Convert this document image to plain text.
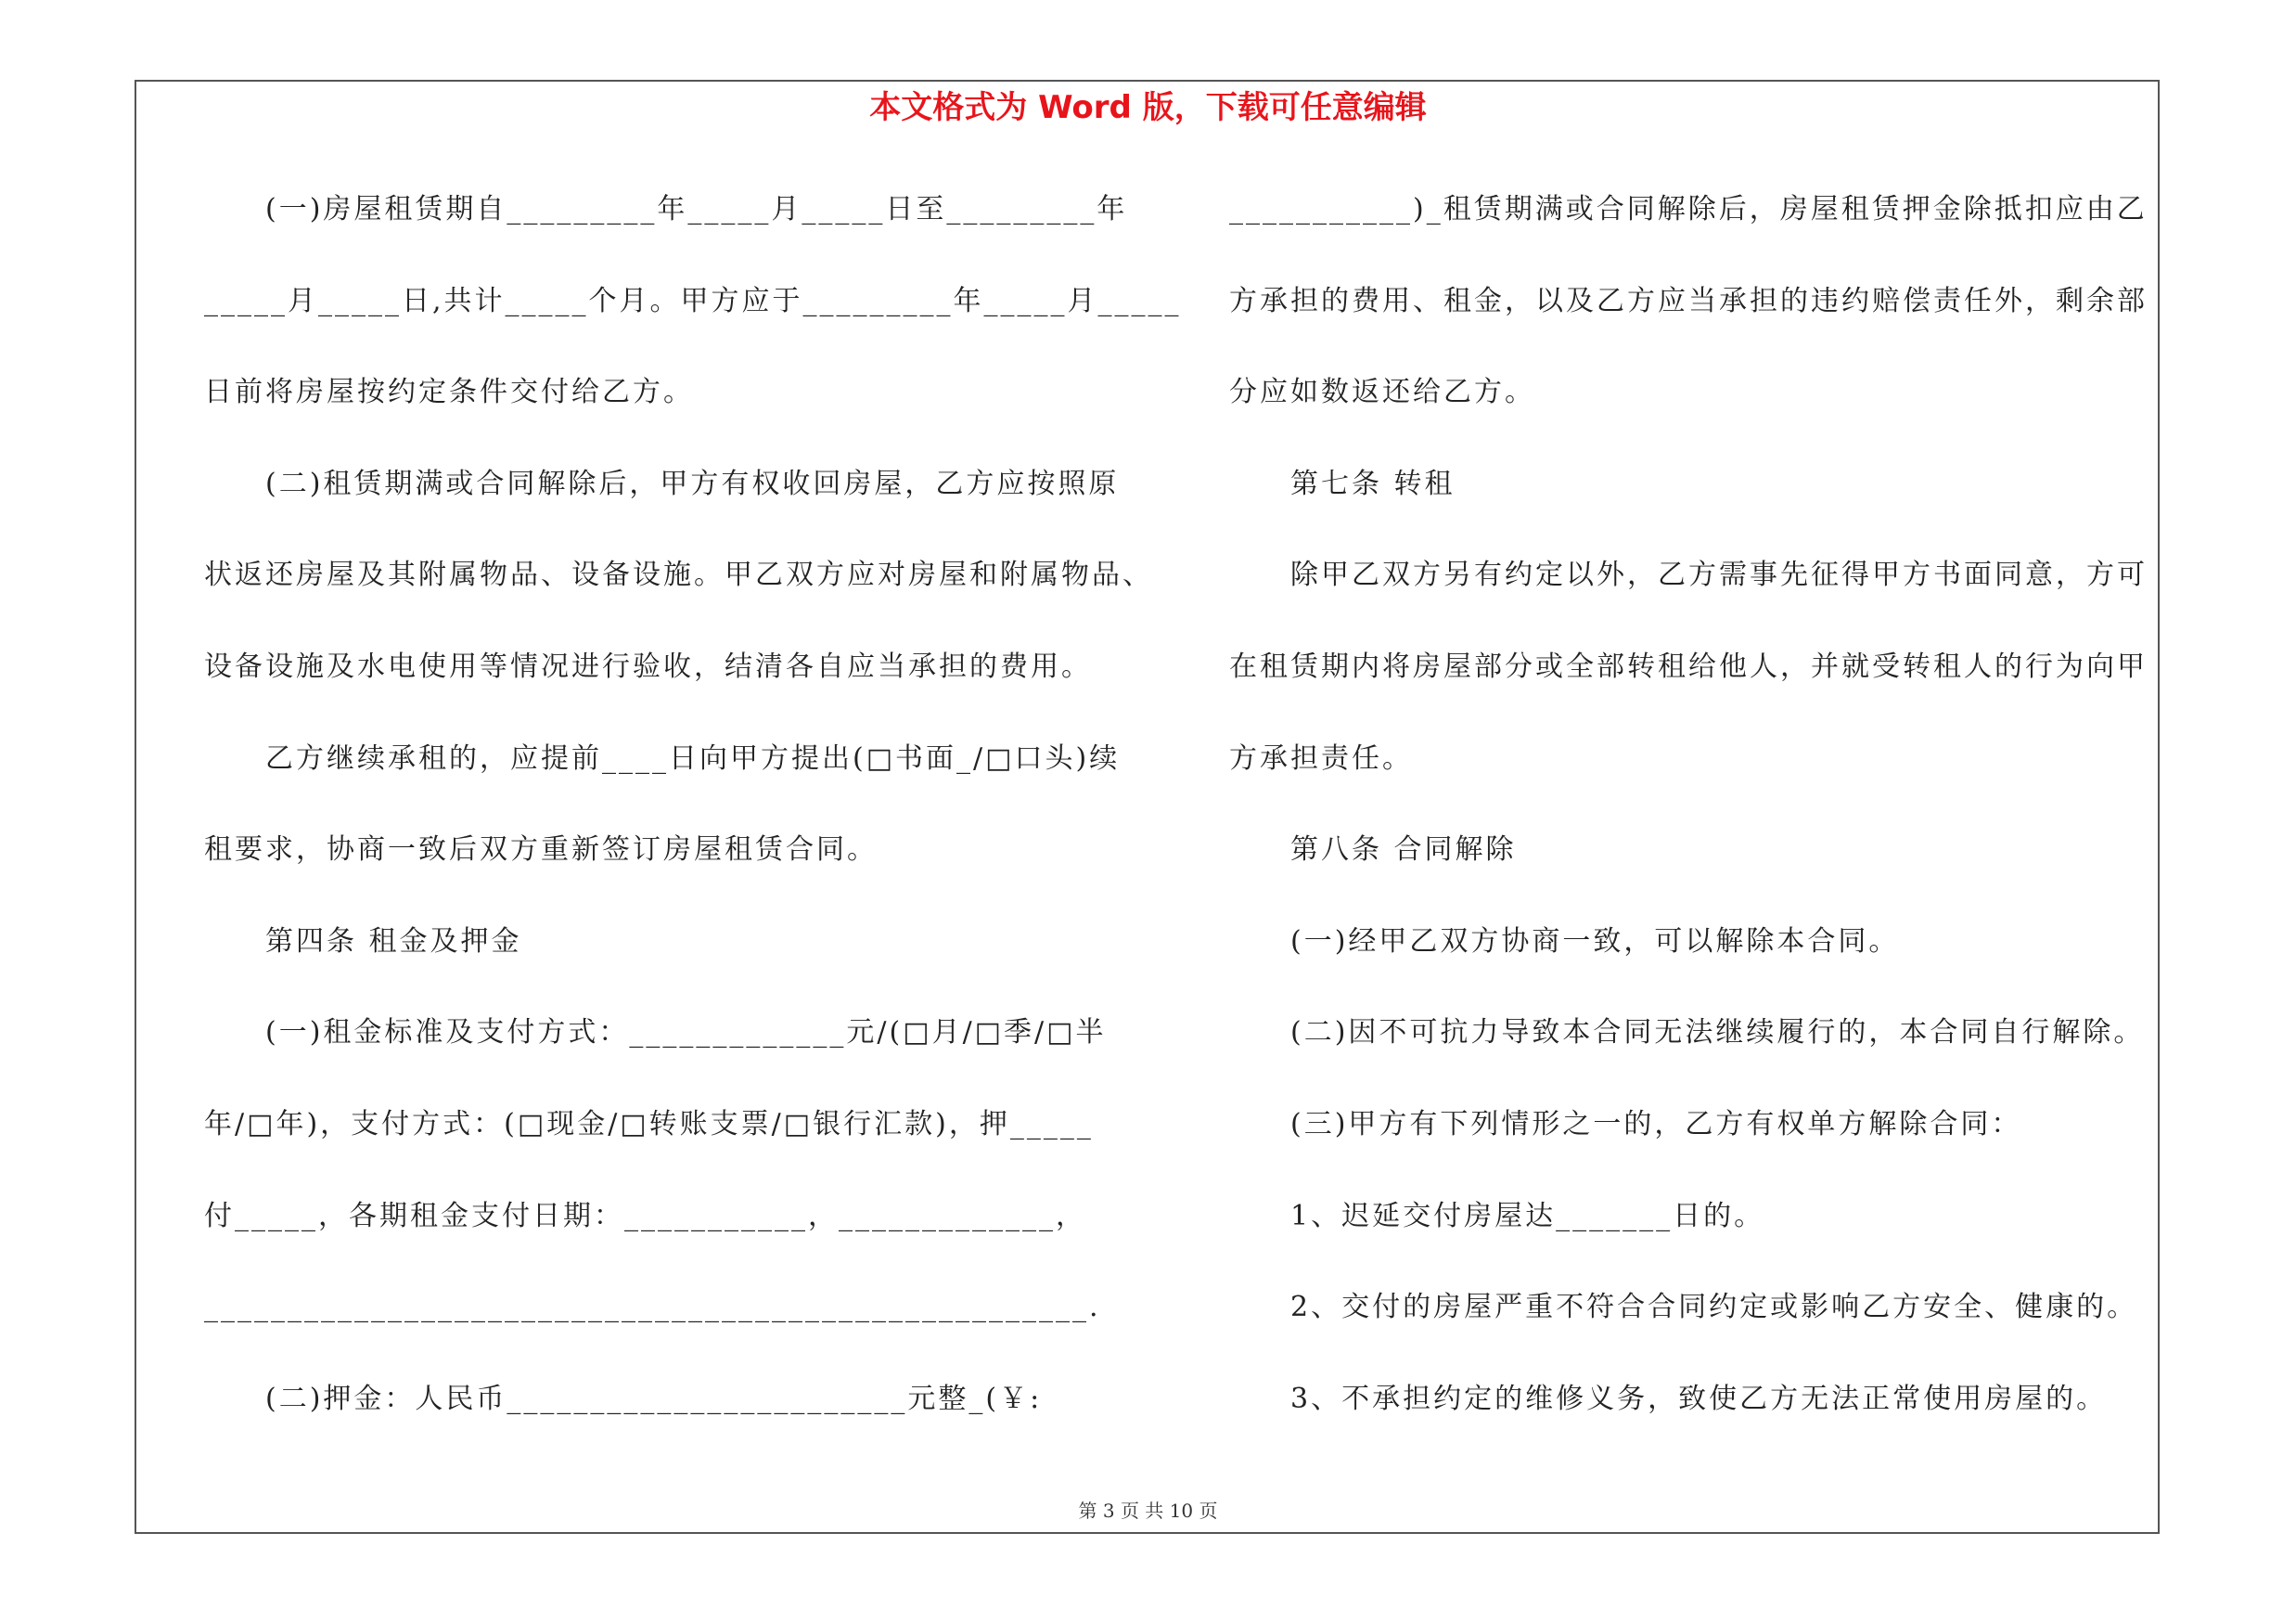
本文格式为 Word 版，下载可任意编辑
(一)房屋租赁期自_________年_____月_____日至_________年
_____月_____日,共计_____个月。甲方应于_________年_____月_____
日前将房屋按约定条件交付给乙方。
(二)租赁期满或合同解除后，甲方有权收回房屋，乙方应按照原
状返还房屋及其附属物品、设备设施。甲乙双方应对房屋和附属物品、
设备设施及水电使用等情况进行验收，结清各自应当承担的费用。
乙方继续承租的，应提前____日向甲方提出(□书面_/□口头)续
租要求，协商一致后双方重新签订房屋租赁合同。
第四条 租金及押金
(一)租金标准及支付方式：_____________元/(□月/□季/□半
年/□年)，支付方式：(□现金/□转账支票/□银行汇款)，押_____
付_____，各期租金支付日期：___________，_____________，
_____________________________________________________.
(二)押金：人民币________________________元整_(￥:
___________)_租赁期满或合同解除后，房屋租赁押金除抵扣应由乙
方承担的费用、租金，以及乙方应当承担的违约赔偿责任外，剩余部
分应如数返还给乙方。
第七条 转租
除甲乙双方另有约定以外，乙方需事先征得甲方书面同意，方可
在租赁期内将房屋部分或全部转租给他人，并就受转租人的行为向甲
方承担责任。
第八条 合同解除
(一)经甲乙双方协商一致，可以解除本合同。
(二)因不可抗力导致本合同无法继续履行的，本合同自行解除。
(三)甲方有下列情形之一的，乙方有权单方解除合同：
1、迟延交付房屋达_______日的。
2、交付的房屋严重不符合合同约定或影响乙方安全、健康的。
3、不承担约定的维修义务，致使乙方无法正常使用房屋的。
第 3 页 共 10 页
